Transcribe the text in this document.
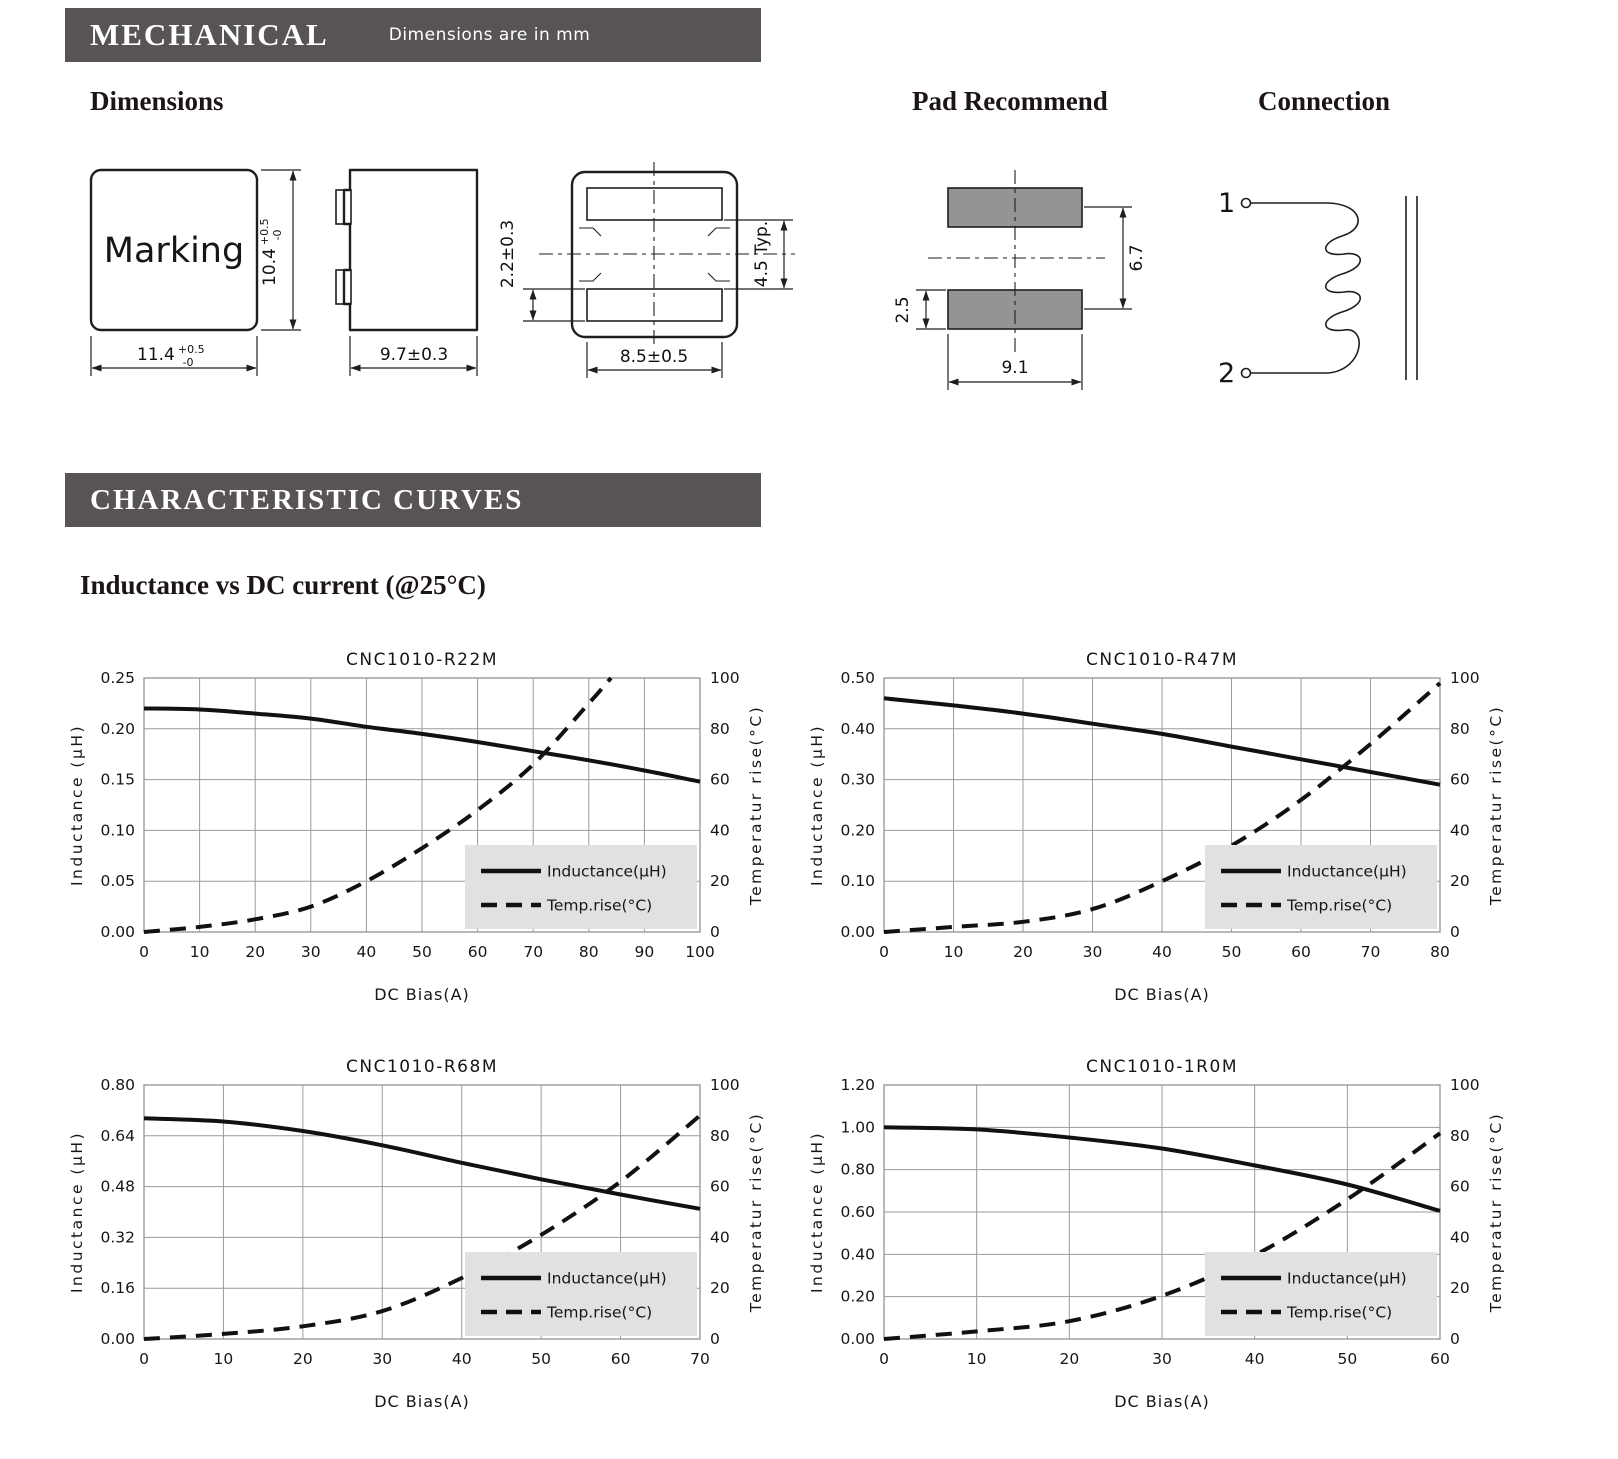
MECHANICAL	Dimensions are in mm
Dimensions	Pad Recommend	Connection
Marking
11.4 $^{+0.5}$ -0
$10.4^{+0.5}-0$
9.7±0.3
2.2±0.3	4.5 Typ.
8.5±0.5
6.7
2.5
9.1
1
2
CHARACTERISTIC CURVES
Inductance vs DC current (@25°C)
CNC1010-R22M
0.00
0.05
0.10
0.15
0.20
0.25
0
20
40
60
80
100
0	10 20 30 40 50 60 70 80 90 100
Inductance (μH)	Temperatur rise(°C)
DC Bias(A)
Inductance(μH)
Temp.rise(°C)
CNC1010-R47M
0.00
0.10
0.20
0.30
0.40
0.50
0
20
40
60
80
100
0	10	20	30	40	50	60	70	80
Inductance (μH)	Temperatur rise(°C)
DC Bias(A)
Inductance(μH)
Temp.rise(°C)
CNC1010-R68M
0.00
0.16
0.32
0.48
0.64
0.80
0
20
40
60
80
100
0	10	20	30	40	50	60	70
Inductance (μH)	Temperatur rise(°C)
DC Bias(A)
Inductance(μH)
Temp.rise(°C)
CNC1010-1R0M
0.00
0.20
0.40
0.60
0.80
1.00
1.20
0
20
40
60
80
100
0	10	20	30	40	50	60
Inductance (μH)	Temperatur rise(°C)
DC Bias(A)
Inductance(μH)
Temp.rise(°C)
